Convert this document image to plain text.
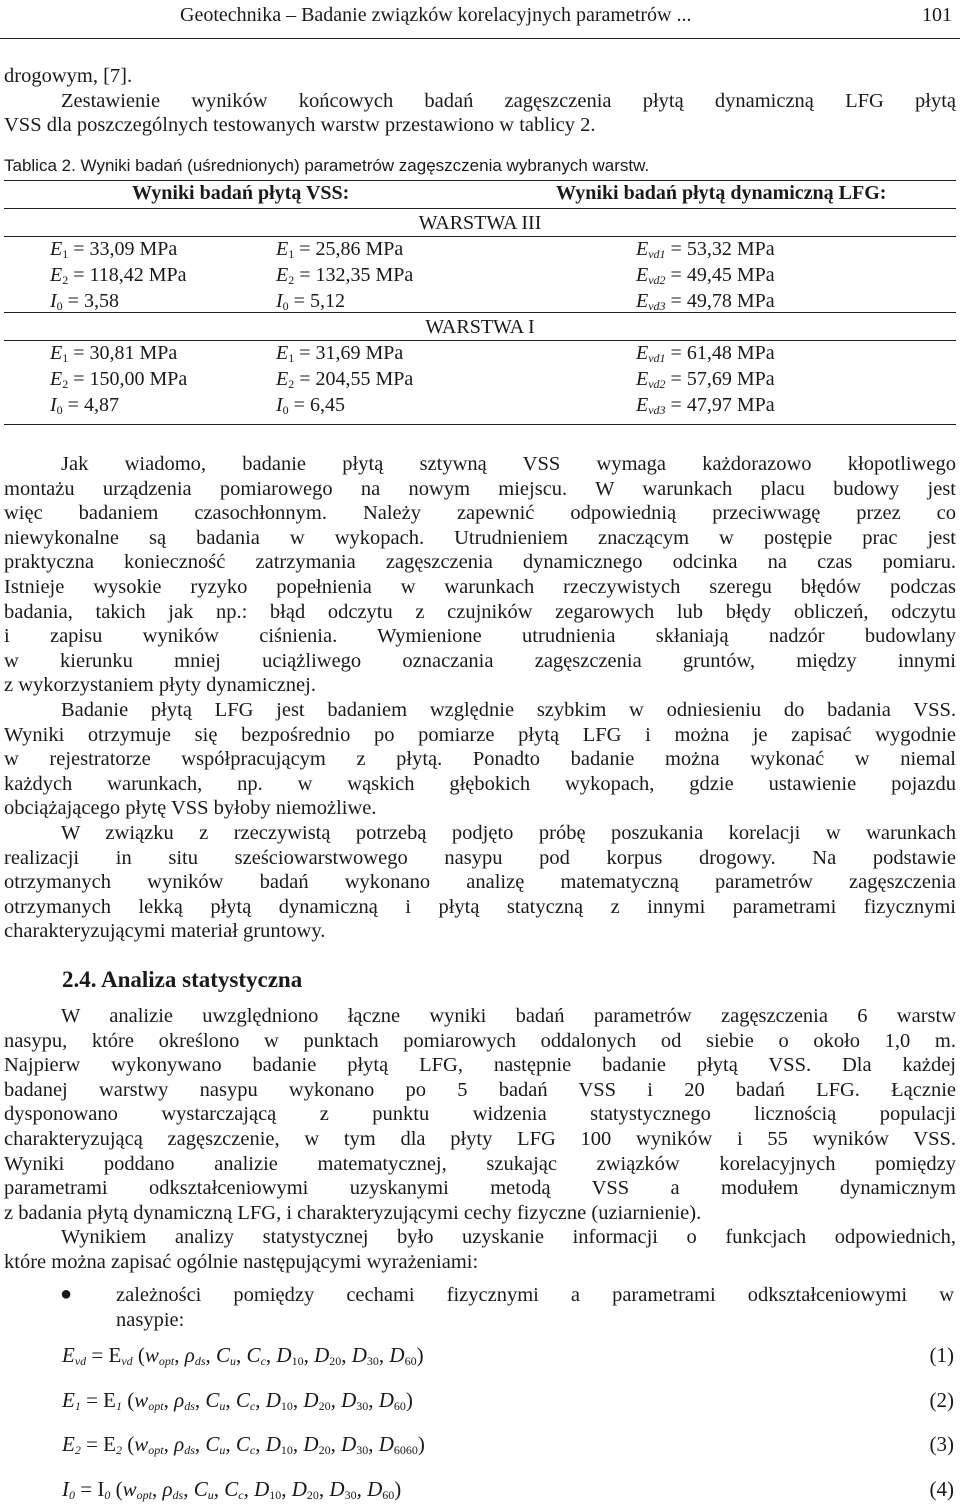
Geotechnika – Badanie związków korelacyjnych parametrów ...	101
drogowym, [7].
Zestawienie wyników końcowych badań zagęszczenia płytą dynamiczną LFG płytą
VSS dla poszczególnych testowanych warstw przestawiono w tablicy 2.
Tablica 2. Wyniki badań (uśrednionych) parametrów zagęszczenia wybranych warstw.
Wyniki badań płytą VSS:	Wyniki badań płytą dynamiczną LFG:
WARSTWA III
$E_1 = 33,09$ MPa	$E_1 = 25,86$ MPa	$E_{vd1} = 53,32$ MPa
$E_2 = 118,42$ MPa	$E_2 = 132,35$ MPa	$E_{vd2} = 49,45$ MPa
$I_0 = 3,58$	$I_0 = 5,12$	$E_{vd3} = 49,78$ MPa
WARSTWA I
$E_1 = 30,81$ MPa	$E_1 = 31,69$ MPa	$E_{vd1} = 61,48$ MPa
$E_2 = 150,00$ MPa	$E_2 = 204,55$ MPa	$E_{vd2} = 57,69$ MPa
$I_0 = 4,87$	$I_0 = 6,45$	$E_{vd3} = 47,97$ MPa
Jak wiadomo, badanie płytą sztywną VSS wymaga każdorazowo kłopotliwego
montażu urządzenia pomiarowego na nowym miejscu. W warunkach placu budowy jest
więc badaniem czasochłonnym. Należy zapewnić odpowiednią przeciwwagę przez co
niewykonalne są badania w wykopach. Utrudnieniem znaczącym w postępie prac jest
praktyczna konieczność zatrzymania zagęszczenia dynamicznego odcinka na czas pomiaru.
Istnieje wysokie ryzyko popełnienia w warunkach rzeczywistych szeregu błędów podczas
badania, takich jak np.: błąd odczytu z czujników zegarowych lub błędy obliczeń, odczytu
i zapisu wyników ciśnienia. Wymienione utrudnienia skłaniają nadzór budowlany
w kierunku mniej uciążliwego oznaczania zagęszczenia gruntów, między innymi
z wykorzystaniem płyty dynamicznej.
Badanie płytą LFG jest badaniem względnie szybkim w odniesieniu do badania VSS.
Wyniki otrzymuje się bezpośrednio po pomiarze płytą LFG i można je zapisać wygodnie
w rejestratorze współpracującym z płytą. Ponadto badanie można wykonać w niemal
każdych warunkach, np. w wąskich głębokich wykopach, gdzie ustawienie pojazdu
obciążającego płytę VSS byłoby niemożliwe.
W związku z rzeczywistą potrzebą podjęto próbę poszukania korelacji w warunkach
realizacji in situ sześciowarstwowego nasypu pod korpus drogowy. Na podstawie
otrzymanych wyników badań wykonano analizę matematyczną parametrów zagęszczenia
otrzymanych lekką płytą dynamiczną i płytą statyczną z innymi parametrami fizycznymi
charakteryzującymi materiał gruntowy.
2.4. Analiza statystyczna
W analizie uwzględniono łączne wyniki badań parametrów zagęszczenia 6 warstw
nasypu, które określono w punktach pomiarowych oddalonych od siebie o około 1,0 m.
Najpierw wykonywano badanie płytą LFG, następnie badanie płytą VSS. Dla każdej
badanej warstwy nasypu wykonano po 5 badań VSS i 20 badań LFG. Łącznie
dysponowano wystarczającą z punktu widzenia statystycznego licznością populacji
charakteryzującą zagęszczenie, w tym dla płyty LFG 100 wyników i 55 wyników VSS.
Wyniki poddano analizie matematycznej, szukając związków korelacyjnych pomiędzy
parametrami odkształceniowymi uzyskanymi metodą VSS a modułem dynamicznym
z badania płytą dynamiczną LFG, i charakteryzującymi cechy fizyczne (uziarnienie).
Wynikiem analizy statystycznej było uzyskanie informacji o funkcjach odpowiednich,
które można zapisać ogólnie następującymi wyrażeniami:
● zależności pomiędzy cechami fizycznymi a parametrami odkształceniowymi w
nasypie:
$E_{vd} = E_{vd}$ ($w_{opt}$, $\rho_{ds}$, $C_u$, $C_c$, $D_{10}$, $D_{20}$, $D_{30}$, $D_{60}$)	(1)
$E_1 = E_1$ ($w_{opt}$, $\rho_{ds}$, $C_u$, $C_c$, $D_{10}$, $D_{20}$, $D_{30}$, $D_{60}$)	(2)
$E_2 = E_2$ ($w_{opt}$, $\rho_{ds}$, $C_u$, $C_c$, $D_{10}$, $D_{20}$, $D_{30}$, $D_{6060}$)	(3)
$I_0 = I_0$ ($w_{opt}$, $\rho_{ds}$, $C_u$, $C_c$, $D_{10}$, $D_{20}$, $D_{30}$, $D_{60}$)	(4)
